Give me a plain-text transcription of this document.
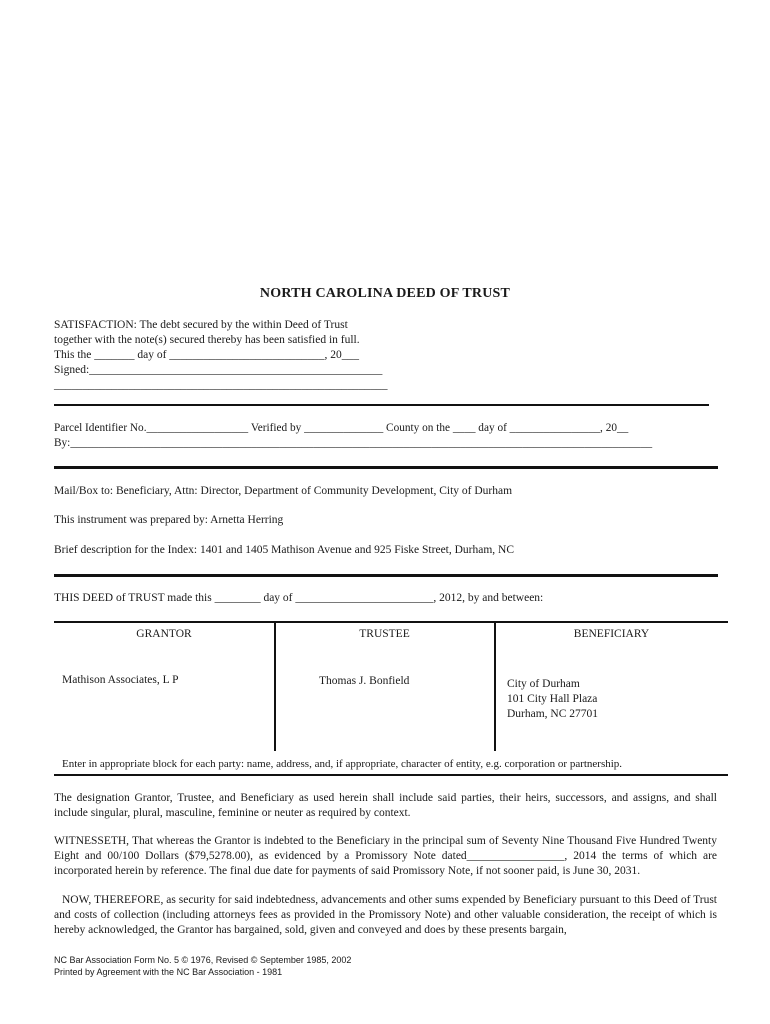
NORTH CAROLINA DEED OF TRUST
SATISFACTION: The debt secured by the within Deed of Trust
together with the note(s) secured thereby has been satisfied in full.
This the _______ day of ___________________________, 20___
Signed:___________________________________________________
__________________________________________________________
Parcel Identifier No.__________________ Verified by ______________ County on the ____ day of ________________, 20__
By:_______________________________________________________________________________________________________
Mail/Box to: Beneficiary, Attn: Director, Department of Community Development, City of Durham
This instrument was prepared by: Arnetta Herring
Brief description for the Index: 1401 and 1405 Mathison Avenue and 925 Fiske Street, Durham, NC
THIS DEED of TRUST made this ________ day of ________________________, 2012, by and between:
GRANTOR	TRUSTEE	BENEFICIARY
Mathison Associates, L P	Thomas J. Bonfield	City of Durham
101 City Hall Plaza
Durham, NC 27701
Enter in appropriate block for each party: name, address, and, if appropriate, character of entity, e.g. corporation or partnership.
The designation Grantor, Trustee, and Beneficiary as used herein shall include said parties, their heirs, successors, and assigns, and shall include singular, plural, masculine, feminine or neuter as required by context.
WITNESSETH, That whereas the Grantor is indebted to the Beneficiary in the principal sum of Seventy Nine Thousand Five Hundred Twenty Eight and 00/100 Dollars ($79,5278.00), as evidenced by a Promissory Note dated_________________, 2014 the terms of which are incorporated herein by reference. The final due date for payments of said Promissory Note, if not sooner paid, is June 30, 2031.
NOW, THEREFORE, as security for said indebtedness, advancements and other sums expended by Beneficiary pursuant to this Deed of Trust and costs of collection (including attorneys fees as provided in the Promissory Note) and other valuable consideration, the receipt of which is hereby acknowledged, the Grantor has bargained, sold, given and conveyed and does by these presents bargain,
NC Bar Association Form No. 5 © 1976, Revised © September 1985, 2002
Printed by Agreement with the NC Bar Association - 1981
